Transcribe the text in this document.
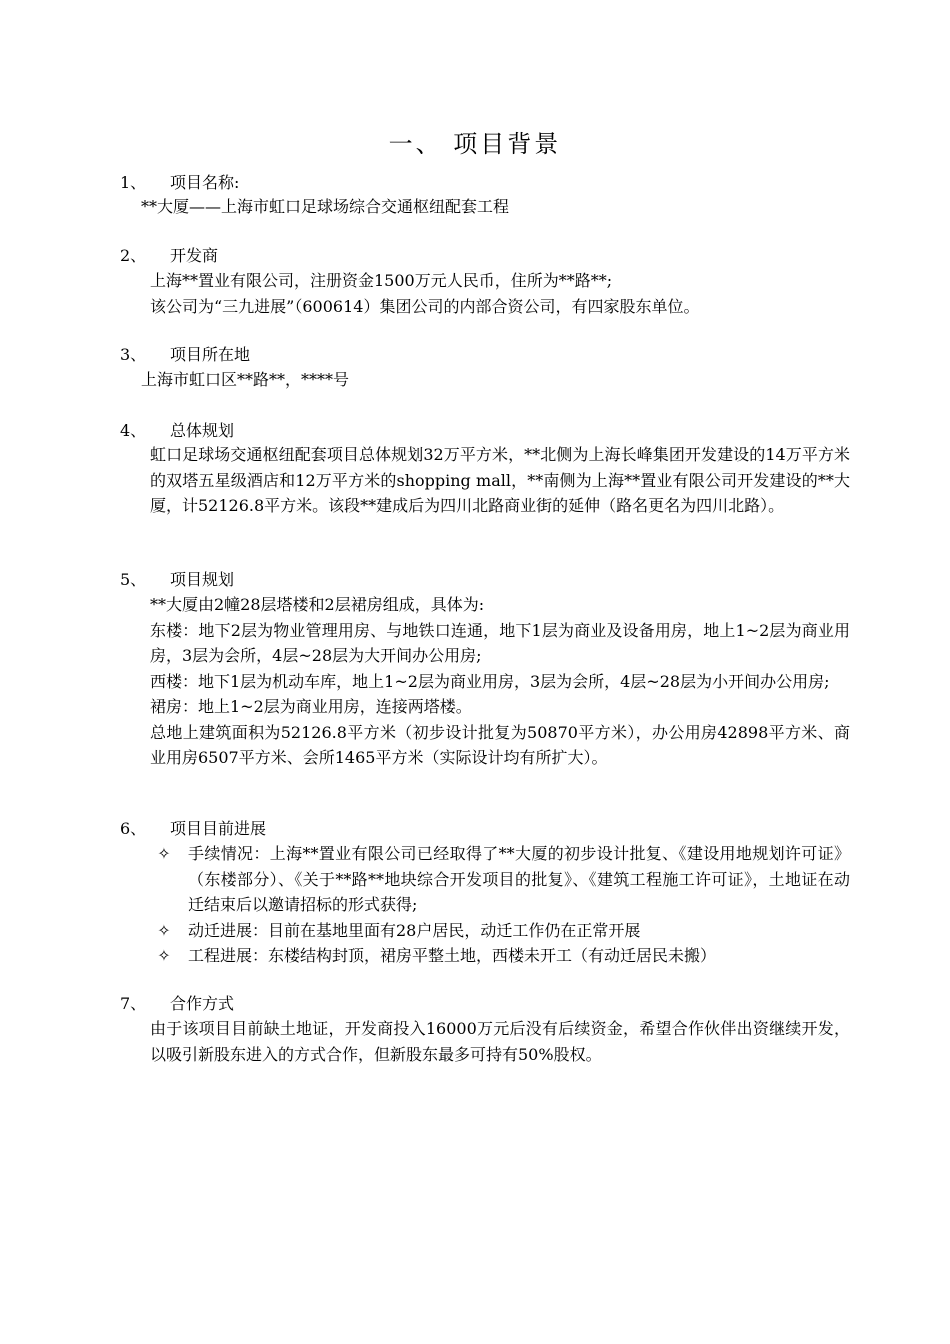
一、 项目背景
1、 项目名称:

**大厦——上海市虹口足球场综合交通枢纽配套工程

2、 开发商

上海**置业有限公司，注册资金1500万元人民币，住所为**路**;

该公司为“三九进展”（600614）集团公司的内部合资公司，有四家股东单位。

3、 项目所在地

上海市虹口区**路**，****号

4、 总体规划

虹口足球场交通枢纽配套项目总体规划32万平方米，**北侧为上海长峰集团开发建设的14万平方米的双塔五星级酒店和12万平方米的shopping mall，**南侧为上海**置业有限公司开发建设的**大厦，计52126.8平方米。该段**建成后为四川北路商业街的延伸（路名更名为四川北路）。

5、 项目规划

**大厦由2幢28层塔楼和2层裙房组成，具体为:

东楼：地下2层为物业管理用房、与地铁口连通，地下1层为商业及设备用房，地上1~2层为商业用房，3层为会所，4层~28层为大开间办公用房;

西楼：地下1层为机动车库，地上1~2层为商业用房，3层为会所，4层~28层为小开间办公用房;

裙房：地上1~2层为商业用房，连接两塔楼。

总地上建筑面积为52126.8平方米（初步设计批复为50870平方米），办公用房42898平方米、商业用房6507平方米、会所1465平方米（实际设计均有所扩大）。

6、 项目目前进展
✧ 手续情况：上海**置业有限公司已经取得了**大厦的初步设计批复、《建设用地规划许可证》（东楼部分）、《关于**路**地块综合开发项目的批复》、《建筑工程施工许可证》，土地证在动迁结束后以邀请招标的形式获得;
✧ 动迁进展：目前在基地里面有28户居民，动迁工作仍在正常开展
✧ 工程进展：东楼结构封顶，裙房平整土地，西楼未开工（有动迁居民未搬）
7、 合作方式

由于该项目目前缺土地证，开发商投入16000万元后没有后续资金，希望合作伙伴出资继续开发，以吸引新股东进入的方式合作，但新股东最多可持有50%股权。
